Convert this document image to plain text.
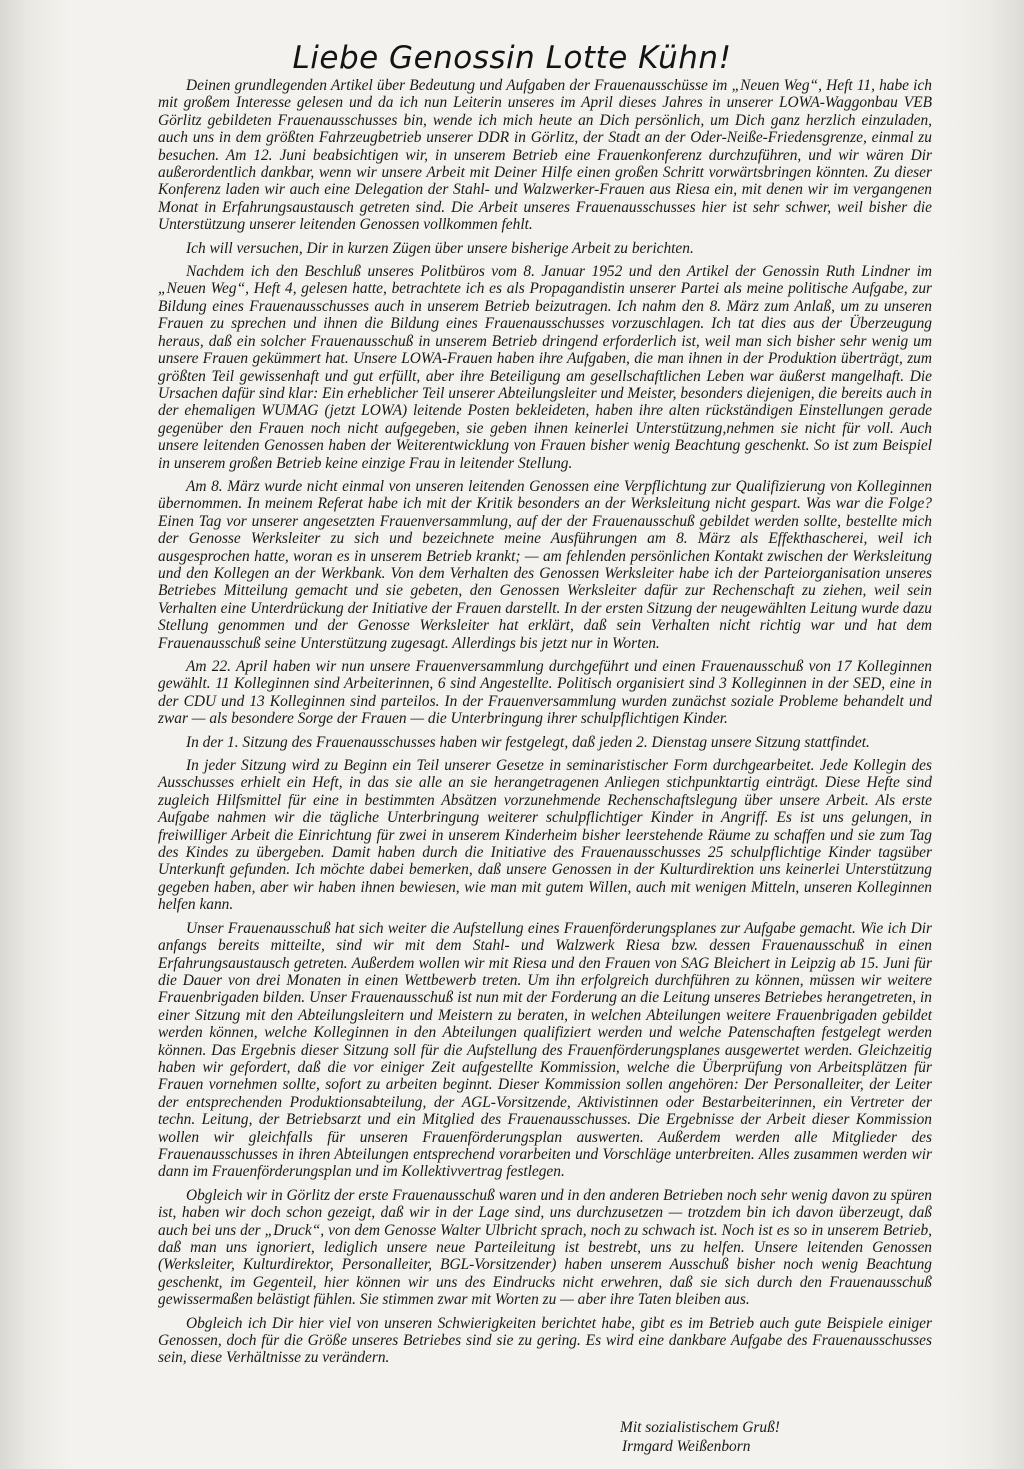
Liebe Genossin Lotte Kühn!

Deinen grundlegenden Artikel über Bedeutung und Aufgaben der Frauenausschüsse im „Neuen Weg“, Heft 11, habe ich mit großem Interesse gelesen und da ich nun Leiterin unseres im April dieses Jahres in unserer LOWA-Waggonbau VEB Görlitz gebildeten Frauenausschusses bin, wende ich mich heute an Dich persönlich, um Dich ganz herzlich einzuladen, auch uns in dem größten Fahrzeugbetrieb unserer DDR in Görlitz, der Stadt an der Oder-Neiße-Friedensgrenze, einmal zu besuchen. Am 12. Juni beabsichtigen wir, in unserem Betrieb eine Frauenkonferenz durchzuführen, und wir wären Dir außerordentlich dankbar, wenn wir unsere Arbeit mit Deiner Hilfe einen großen Schritt vorwärtsbringen könnten. Zu dieser Konferenz laden wir auch eine Delegation der Stahl- und Walzwerker-Frauen aus Riesa ein, mit denen wir im vergangenen Monat in Erfahrungsaustausch getreten sind. Die Arbeit unseres Frauenausschusses hier ist sehr schwer, weil bisher die Unterstützung unserer leitenden Genossen vollkommen fehlt.

Ich will versuchen, Dir in kurzen Zügen über unsere bisherige Arbeit zu berichten.

Nachdem ich den Beschluß unseres Politbüros vom 8. Januar 1952 und den Artikel der Genossin Ruth Lindner im „Neuen Weg“, Heft 4, gelesen hatte, betrachtete ich es als Propagandistin unserer Partei als meine politische Aufgabe, zur Bildung eines Frauenausschusses auch in unserem Betrieb beizutragen. Ich nahm den 8. März zum Anlaß, um zu unseren Frauen zu sprechen und ihnen die Bildung eines Frauenausschusses vorzuschlagen. Ich tat dies aus der Überzeugung heraus, daß ein solcher Frauenausschuß in unserem Betrieb dringend erforderlich ist, weil man sich bisher sehr wenig um unsere Frauen gekümmert hat. Unsere LOWA-Frauen haben ihre Aufgaben, die man ihnen in der Produktion überträgt, zum größten Teil gewissenhaft und gut erfüllt, aber ihre Beteiligung am gesellschaftlichen Leben war äußerst mangelhaft. Die Ursachen dafür sind klar: Ein erheblicher Teil unserer Abteilungsleiter und Meister, besonders diejenigen, die bereits auch in der ehemaligen WUMAG (jetzt LOWA) leitende Posten bekleideten, haben ihre alten rückständigen Einstellungen gerade gegenüber den Frauen noch nicht aufgegeben, sie geben ihnen keinerlei Unterstützung,nehmen sie nicht für voll. Auch unsere leitenden Genossen haben der Weiterentwicklung von Frauen bisher wenig Beachtung geschenkt. So ist zum Beispiel in unserem großen Betrieb keine einzige Frau in leitender Stellung.

Am 8. März wurde nicht einmal von unseren leitenden Genossen eine Verpflichtung zur Qualifizierung von Kolleginnen übernommen. In meinem Referat habe ich mit der Kritik besonders an der Werksleitung nicht gespart. Was war die Folge? Einen Tag vor unserer angesetzten Frauenversammlung, auf der der Frauenausschuß gebildet werden sollte, bestellte mich der Genosse Werksleiter zu sich und bezeichnete meine Ausführungen am 8. März als Effekthascherei, weil ich ausgesprochen hatte, woran es in unserem Betrieb krankt; — am fehlenden persönlichen Kontakt zwischen der Werksleitung und den Kollegen an der Werkbank. Von dem Verhalten des Genossen Werksleiter habe ich der Parteiorganisation unseres Betriebes Mitteilung gemacht und sie gebeten, den Genossen Werksleiter dafür zur Rechenschaft zu ziehen, weil sein Verhalten eine Unterdrückung der Initiative der Frauen darstellt. In der ersten Sitzung der neugewählten Leitung wurde dazu Stellung genommen und der Genosse Werksleiter hat erklärt, daß sein Verhalten nicht richtig war und hat dem Frauenausschuß seine Unterstützung zugesagt. Allerdings bis jetzt nur in Worten.

Am 22. April haben wir nun unsere Frauenversammlung durchgeführt und einen Frauenausschuß von 17 Kolleginnen gewählt. 11 Kolleginnen sind Arbeiterinnen, 6 sind Angestellte. Politisch organisiert sind 3 Kolleginnen in der SED, eine in der CDU und 13 Kolleginnen sind parteilos. In der Frauenversammlung wurden zunächst soziale Probleme behandelt und zwar — als besondere Sorge der Frauen — die Unterbringung ihrer schulpflichtigen Kinder.

In der 1. Sitzung des Frauenausschusses haben wir festgelegt, daß jeden 2. Dienstag unsere Sitzung stattfindet.

In jeder Sitzung wird zu Beginn ein Teil unserer Gesetze in seminaristischer Form durchgearbeitet. Jede Kollegin des Ausschusses erhielt ein Heft, in das sie alle an sie herangetragenen Anliegen stichpunktartig einträgt. Diese Hefte sind zugleich Hilfsmittel für eine in bestimmten Absätzen vorzunehmende Rechenschaftslegung über unsere Arbeit. Als erste Aufgabe nahmen wir die tägliche Unterbringung weiterer schulpflichtiger Kinder in Angriff. Es ist uns gelungen, in freiwilliger Arbeit die Einrichtung für zwei in unserem Kinderheim bisher leerstehende Räume zu schaffen und sie zum Tag des Kindes zu übergeben. Damit haben durch die Initiative des Frauenausschusses 25 schulpflichtige Kinder tagsüber Unterkunft gefunden. Ich möchte dabei bemerken, daß unsere Genossen in der Kulturdirektion uns keinerlei Unterstützung gegeben haben, aber wir haben ihnen bewiesen, wie man mit gutem Willen, auch mit wenigen Mitteln, unseren Kolleginnen helfen kann.

Unser Frauenausschuß hat sich weiter die Aufstellung eines Frauenförderungsplanes zur Aufgabe gemacht. Wie ich Dir anfangs bereits mitteilte, sind wir mit dem Stahl- und Walzwerk Riesa bzw. dessen Frauenausschuß in einen Erfahrungsaustausch getreten. Außerdem wollen wir mit Riesa und den Frauen von SAG Bleichert in Leipzig ab 15. Juni für die Dauer von drei Monaten in einen Wettbewerb treten. Um ihn erfolgreich durchführen zu können, müssen wir weitere Frauenbrigaden bilden. Unser Frauenausschuß ist nun mit der Forderung an die Leitung unseres Betriebes herangetreten, in einer Sitzung mit den Abteilungsleitern und Meistern zu beraten, in welchen Abteilungen weitere Frauenbrigaden gebildet werden können, welche Kolleginnen in den Abteilungen qualifiziert werden und welche Patenschaften festgelegt werden können. Das Ergebnis dieser Sitzung soll für die Aufstellung des Frauenförderungsplanes ausgewertet werden. Gleichzeitig haben wir gefordert, daß die vor einiger Zeit aufgestellte Kommission, welche die Überprüfung von Arbeitsplätzen für Frauen vornehmen sollte, sofort zu arbeiten beginnt. Dieser Kommission sollen angehören: Der Personalleiter, der Leiter der entsprechenden Produktionsabteilung, der AGL-Vorsitzende, Aktivistinnen oder Bestarbeiterinnen, ein Vertreter der techn. Leitung, der Betriebsarzt und ein Mitglied des Frauenausschusses. Die Ergebnisse der Arbeit dieser Kommission wollen wir gleichfalls für unseren Frauenförderungsplan auswerten. Außerdem werden alle Mitglieder des Frauenausschusses in ihren Abteilungen entsprechend vorarbeiten und Vorschläge unterbreiten. Alles zusammen werden wir dann im Frauenförderungsplan und im Kollektivvertrag festlegen.

Obgleich wir in Görlitz der erste Frauenausschuß waren und in den anderen Betrieben noch sehr wenig davon zu spüren ist, haben wir doch schon gezeigt, daß wir in der Lage sind, uns durchzusetzen — trotzdem bin ich davon überzeugt, daß auch bei uns der „Druck“, von dem Genosse Walter Ulbricht sprach, noch zu schwach ist. Noch ist es so in unserem Betrieb, daß man uns ignoriert, lediglich unsere neue Parteileitung ist bestrebt, uns zu helfen. Unsere leitenden Genossen (Werksleiter, Kulturdirektor, Personalleiter, BGL-Vorsitzender) haben unserem Ausschuß bisher noch wenig Beachtung geschenkt, im Gegenteil, hier können wir uns des Eindrucks nicht erwehren, daß sie sich durch den Frauenausschuß gewissermaßen belästigt fühlen. Sie stimmen zwar mit Worten zu — aber ihre Taten bleiben aus.

Obgleich ich Dir hier viel von unseren Schwierigkeiten berichtet habe, gibt es im Betrieb auch gute Beispiele einiger Genossen, doch für die Größe unseres Betriebes sind sie zu gering. Es wird eine dankbare Aufgabe des Frauenausschusses sein, diese Verhältnisse zu verändern.

Mit sozialistischem Gruß!
Irmgard Weißenborn
